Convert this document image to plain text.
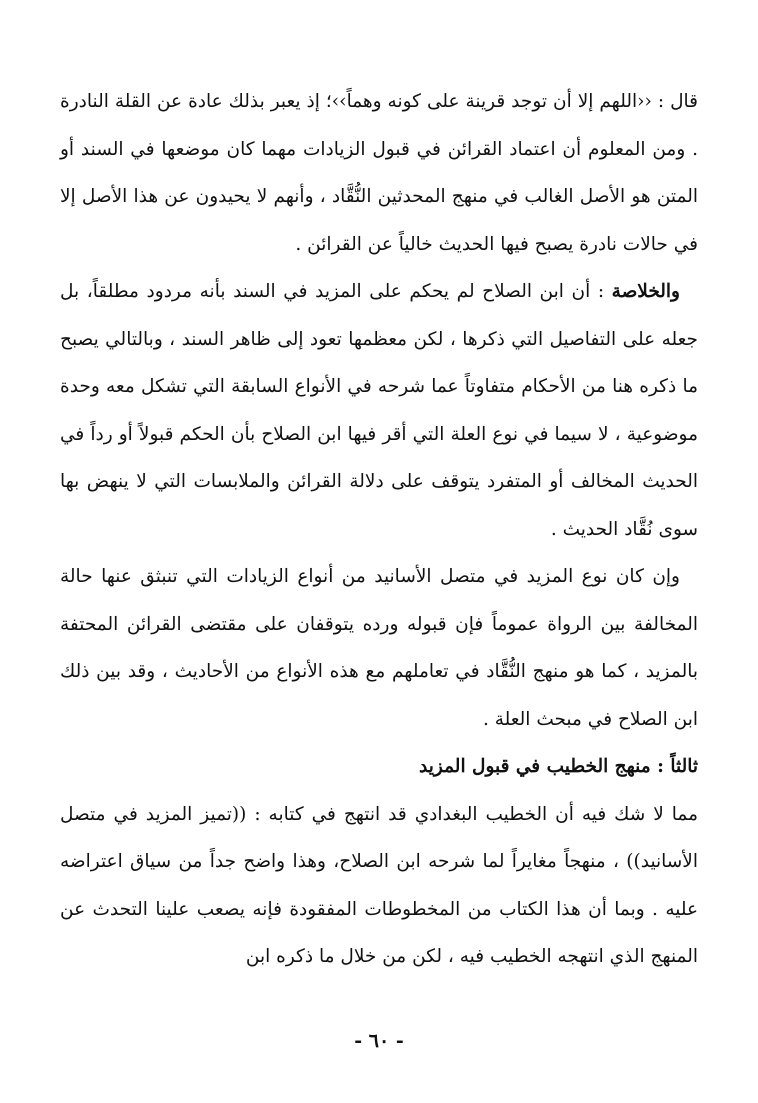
قال : ‹‹اللهم إلا أن توجد قرينة على كونه وهماً››؛ إذ يعبر بذلك عادة عن القلة النادرة . ومن المعلوم أن اعتماد القرائن في قبول الزيادات مهما كان موضعها في السند أو المتن هو الأصل الغالب في منهج المحدثين النُّقَّاد ، وأنهم لا يحيدون عن هذا الأصل إلا في حالات نادرة يصبح فيها الحديث خالياً عن القرائن .

والخلاصة : أن ابن الصلاح لم يحكم على المزيد في السند بأنه مردود مطلقاً، بل جعله على التفاصيل التي ذكرها ، لكن معظمها تعود إلى ظاهر السند ، وبالتالي يصبح ما ذكره هنا من الأحكام متفاوتاً عما شرحه في الأنواع السابقة التي تشكل معه وحدة موضوعية ، لا سيما في نوع العلة التي أقر فيها ابن الصلاح بأن الحكم قبولاً أو رداً في الحديث المخالف أو المتفرد يتوقف على دلالة القرائن والملابسات التي لا ينهض بها سوى نُقَّاد الحديث .

وإن كان نوع المزيد في متصل الأسانيد من أنواع الزيادات التي تنبثق عنها حالة المخالفة بين الرواة عموماً فإن قبوله ورده يتوقفان على مقتضى القرائن المحتفة بالمزيد ، كما هو منهج النُّقَّاد في تعاملهم مع هذه الأنواع من الأحاديث ، وقد بين ذلك ابن الصلاح في مبحث العلة .

ثالثاً : منهج الخطيب في قبول المزيد

مما لا شك فيه أن الخطيب البغدادي قد انتهج في كتابه : ((تميز المزيد في متصل الأسانيد)) ، منهجاً مغايراً لما شرحه ابن الصلاح، وهذا واضح جداً من سياق اعتراضه عليه . وبما أن هذا الكتاب من المخطوطات المفقودة فإنه يصعب علينا التحدث عن المنهج الذي انتهجه الخطيب فيه ، لكن من خلال ما ذكره ابن

- ٦٠ -
